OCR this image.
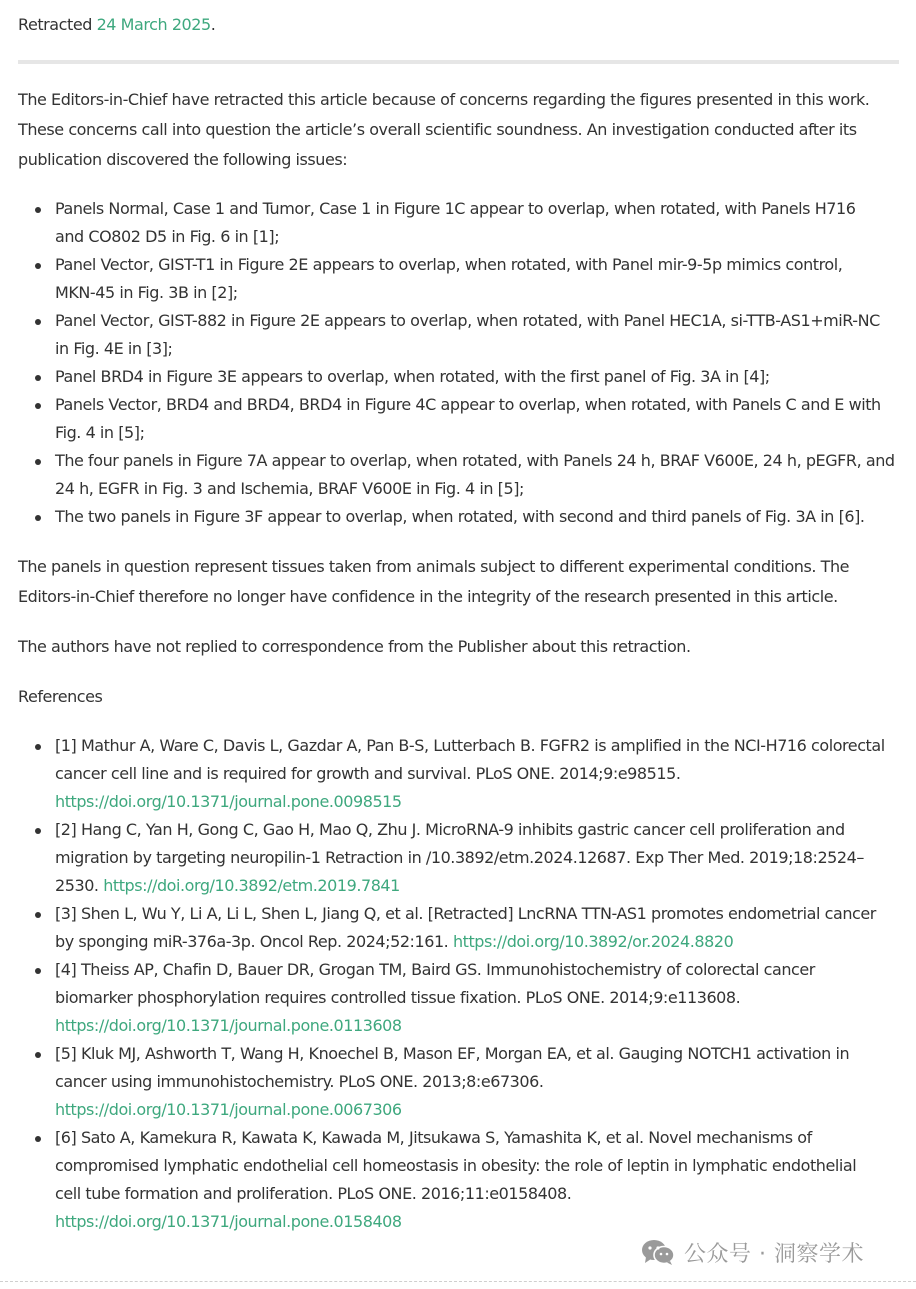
Retracted 24 March 2025.

The Editors-in-Chief have retracted this article because of concerns regarding the figures presented in this work.
These concerns call into question the article’s overall scientific soundness. An investigation conducted after its
publication discovered the following issues:

Panels Normal, Case 1 and Tumor, Case 1 in Figure 1C appear to overlap, when rotated, with Panels H716
and CO802 D5 in Fig. 6 in [1];
Panel Vector, GIST-T1 in Figure 2E appears to overlap, when rotated, with Panel mir-9-5p mimics control,
MKN-45 in Fig. 3B in [2];
Panel Vector, GIST-882 in Figure 2E appears to overlap, when rotated, with Panel HEC1A, si-TTB-AS1+miR-NC
in Fig. 4E in [3];
Panel BRD4 in Figure 3E appears to overlap, when rotated, with the first panel of Fig. 3A in [4];
Panels Vector, BRD4 and BRD4, BRD4 in Figure 4C appear to overlap, when rotated, with Panels C and E with
Fig. 4 in [5];
The four panels in Figure 7A appear to overlap, when rotated, with Panels 24 h, BRAF V600E, 24 h, pEGFR, and
24 h, EGFR in Fig. 3 and Ischemia, BRAF V600E in Fig. 4 in [5];
The two panels in Figure 3F appear to overlap, when rotated, with second and third panels of Fig. 3A in [6].

The panels in question represent tissues taken from animals subject to different experimental conditions. The
Editors-in-Chief therefore no longer have confidence in the integrity of the research presented in this article.

The authors have not replied to correspondence from the Publisher about this retraction.

References

[1] Mathur A, Ware C, Davis L, Gazdar A, Pan B-S, Lutterbach B. FGFR2 is amplified in the NCI-H716 colorectal
cancer cell line and is required for growth and survival. PLoS ONE. 2014;9:e98515.
https://doi.org/10.1371/journal.pone.0098515
[2] Hang C, Yan H, Gong C, Gao H, Mao Q, Zhu J. MicroRNA-9 inhibits gastric cancer cell proliferation and
migration by targeting neuropilin-1 Retraction in /10.3892/etm.2024.12687. Exp Ther Med. 2019;18:2524–
2530. https://doi.org/10.3892/etm.2019.7841
[3] Shen L, Wu Y, Li A, Li L, Shen L, Jiang Q, et al. [Retracted] LncRNA TTN-AS1 promotes endometrial cancer
by sponging miR-376a-3p. Oncol Rep. 2024;52:161. https://doi.org/10.3892/or.2024.8820
[4] Theiss AP, Chafin D, Bauer DR, Grogan TM, Baird GS. Immunohistochemistry of colorectal cancer
biomarker phosphorylation requires controlled tissue fixation. PLoS ONE. 2014;9:e113608.
https://doi.org/10.1371/journal.pone.0113608
[5] Kluk MJ, Ashworth T, Wang H, Knoechel B, Mason EF, Morgan EA, et al. Gauging NOTCH1 activation in
cancer using immunohistochemistry. PLoS ONE. 2013;8:e67306.
https://doi.org/10.1371/journal.pone.0067306
[6] Sato A, Kamekura R, Kawata K, Kawada M, Jitsukawa S, Yamashita K, et al. Novel mechanisms of
compromised lymphatic endothelial cell homeostasis in obesity: the role of leptin in lymphatic endothelial
cell tube formation and proliferation. PLoS ONE. 2016;11:e0158408.
https://doi.org/10.1371/journal.pone.0158408
公众号 · 洞察学术
